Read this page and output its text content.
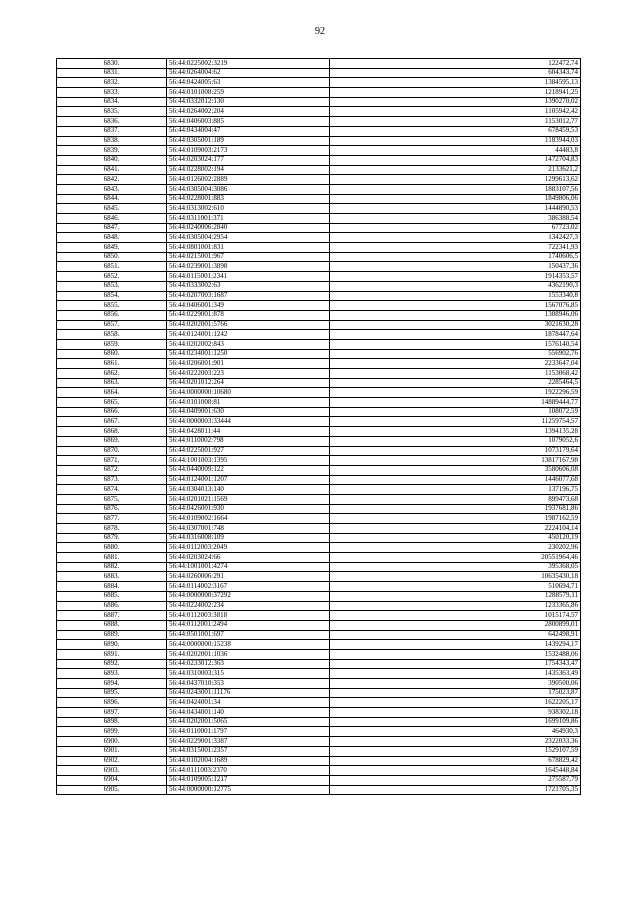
92
6830.	56:44:0225002:3219	122472,74
6831.	56:44:0264004:62	604343,74
6832.	56:44:0424005:63	1384595,13
6833.	56:44:0101008:259	1218941,25
6834.	56:44:0332012:130	1390270,02
6835.	56:44:0264002:204	1105942,42
6836.	56:44:0406003:885	1153012,77
6837.	56:44:0434004:47	678459,53
6838.	56:44:0305001:189	1183944,03
6839.	56:44:0109003:2173	44483,8
6840.	56:44:0203024:177	1472704,83
6841.	56:44:0228002:194	2133621,2
6842.	56:44:0126002:2889	1299613,62
6843.	56:44:0305004:3086	1883107,56
6844.	56:44:0228001:883	1849806,06
6845.	56:44:0313002:610	1444890,53
6846.	56:44:0311001:371	386388,54
6847.	56:44:0240006:2840	67723,02
6848.	56:44:0305004:2954	1342427,3
6849.	56:44:0801001:831	722341,93
6850.	56:44:0215001:967	1740606,5
6851.	56:44:0239001:3898	150437,36
6852.	56:44:0115001:2341	1914353,57
6853.	56:44:0333002:63	4362190,3
6854.	56:44:0207003:1687	1553340,8
6855.	56:44:0406001:349	1567076,85
6856.	56:44:0229001:878	1308946,06
6857.	56:44:0202001:5766	3021630,28
6858.	56:44:0124001:1242	1878447,64
6859.	56:44:0202002:843	1576140,54
6860.	56:44:0234001:1250	556902,76
6861.	56:44:0206001:901	2233647,04
6862.	56:44:0222003:223	1153068,42
6863.	56:44:0201012:264	2285464,5
6864.	56:44:0000000:10680	1922296,59
6865.	56:44:0101008:81	14889444,77
6866.	56:44:0409001:630	108072,59
6867.	56:44:0000003:33444	11259754,57
6868.	56:44:0428011:44	1394135,28
6869.	56:44:0110002:798	1079052,6
6870.	56:44:0225001:927	1073179,64
6871.	56:44:1001003:1395	13817167,98
6872.	56:44:0440009:122	3580606,08
6873.	56:44:0124001:1207	1446077,68
6874.	56:44:0304013:140	137196,75
6875.	56:44:0201021:1569	899473,68
6876.	56:44:0426001:930	1937681,86
6877.	56:44:0109002:1664	1987162,59
6878.	56:44:0307001:748	2224104,14
6879.	56:44:0316008:109	450120,19
6880.	56:44:0112003:2049	230202,96
6881.	56:44:0203024:66	20551964,46
6882.	56:44:1001001:4274	395368,05
6883.	56:44:0260006:291	10635430,18
6884.	56:44:0114002:3167	510694,71
6885.	56:44:0000000:37292	1288579,11
6886.	56:44:0224002:234	1233365,86
6887.	56:44:0112003:3818	1015174,57
6888.	56:44:0112001:2494	2800899,01
6889.	56:44:0501001:697	642498,91
6890.	56:44:0000000:15238	1439294,17
6891.	56:44:0202001:1036	1532488,06
6892.	56:44:0233012:363	1754343,47
6893.	56:44:0310003:315	1435363,49
6894.	56:44:0437010:353	390500,06
6895.	56:44:0243001:11176	175023,87
6896.	56:44:0424001:34	1622205,17
6897.	56:44:0434001:140	938302,18
6898.	56:44:0202001:5065	1699109,86
6899.	56:44:0110001:1797	464930,3
6900.	56:44:0229001:3387	2322033,36
6901.	56:44:0315001:2357	1529107,59
6902.	56:44:0102004:1689	678829,42
6903.	56:44:0111003:2370	1645448,84
6904.	56:44:0109005:1217	275587,79
6905.	56:44:0000000:12775	1721705,35
